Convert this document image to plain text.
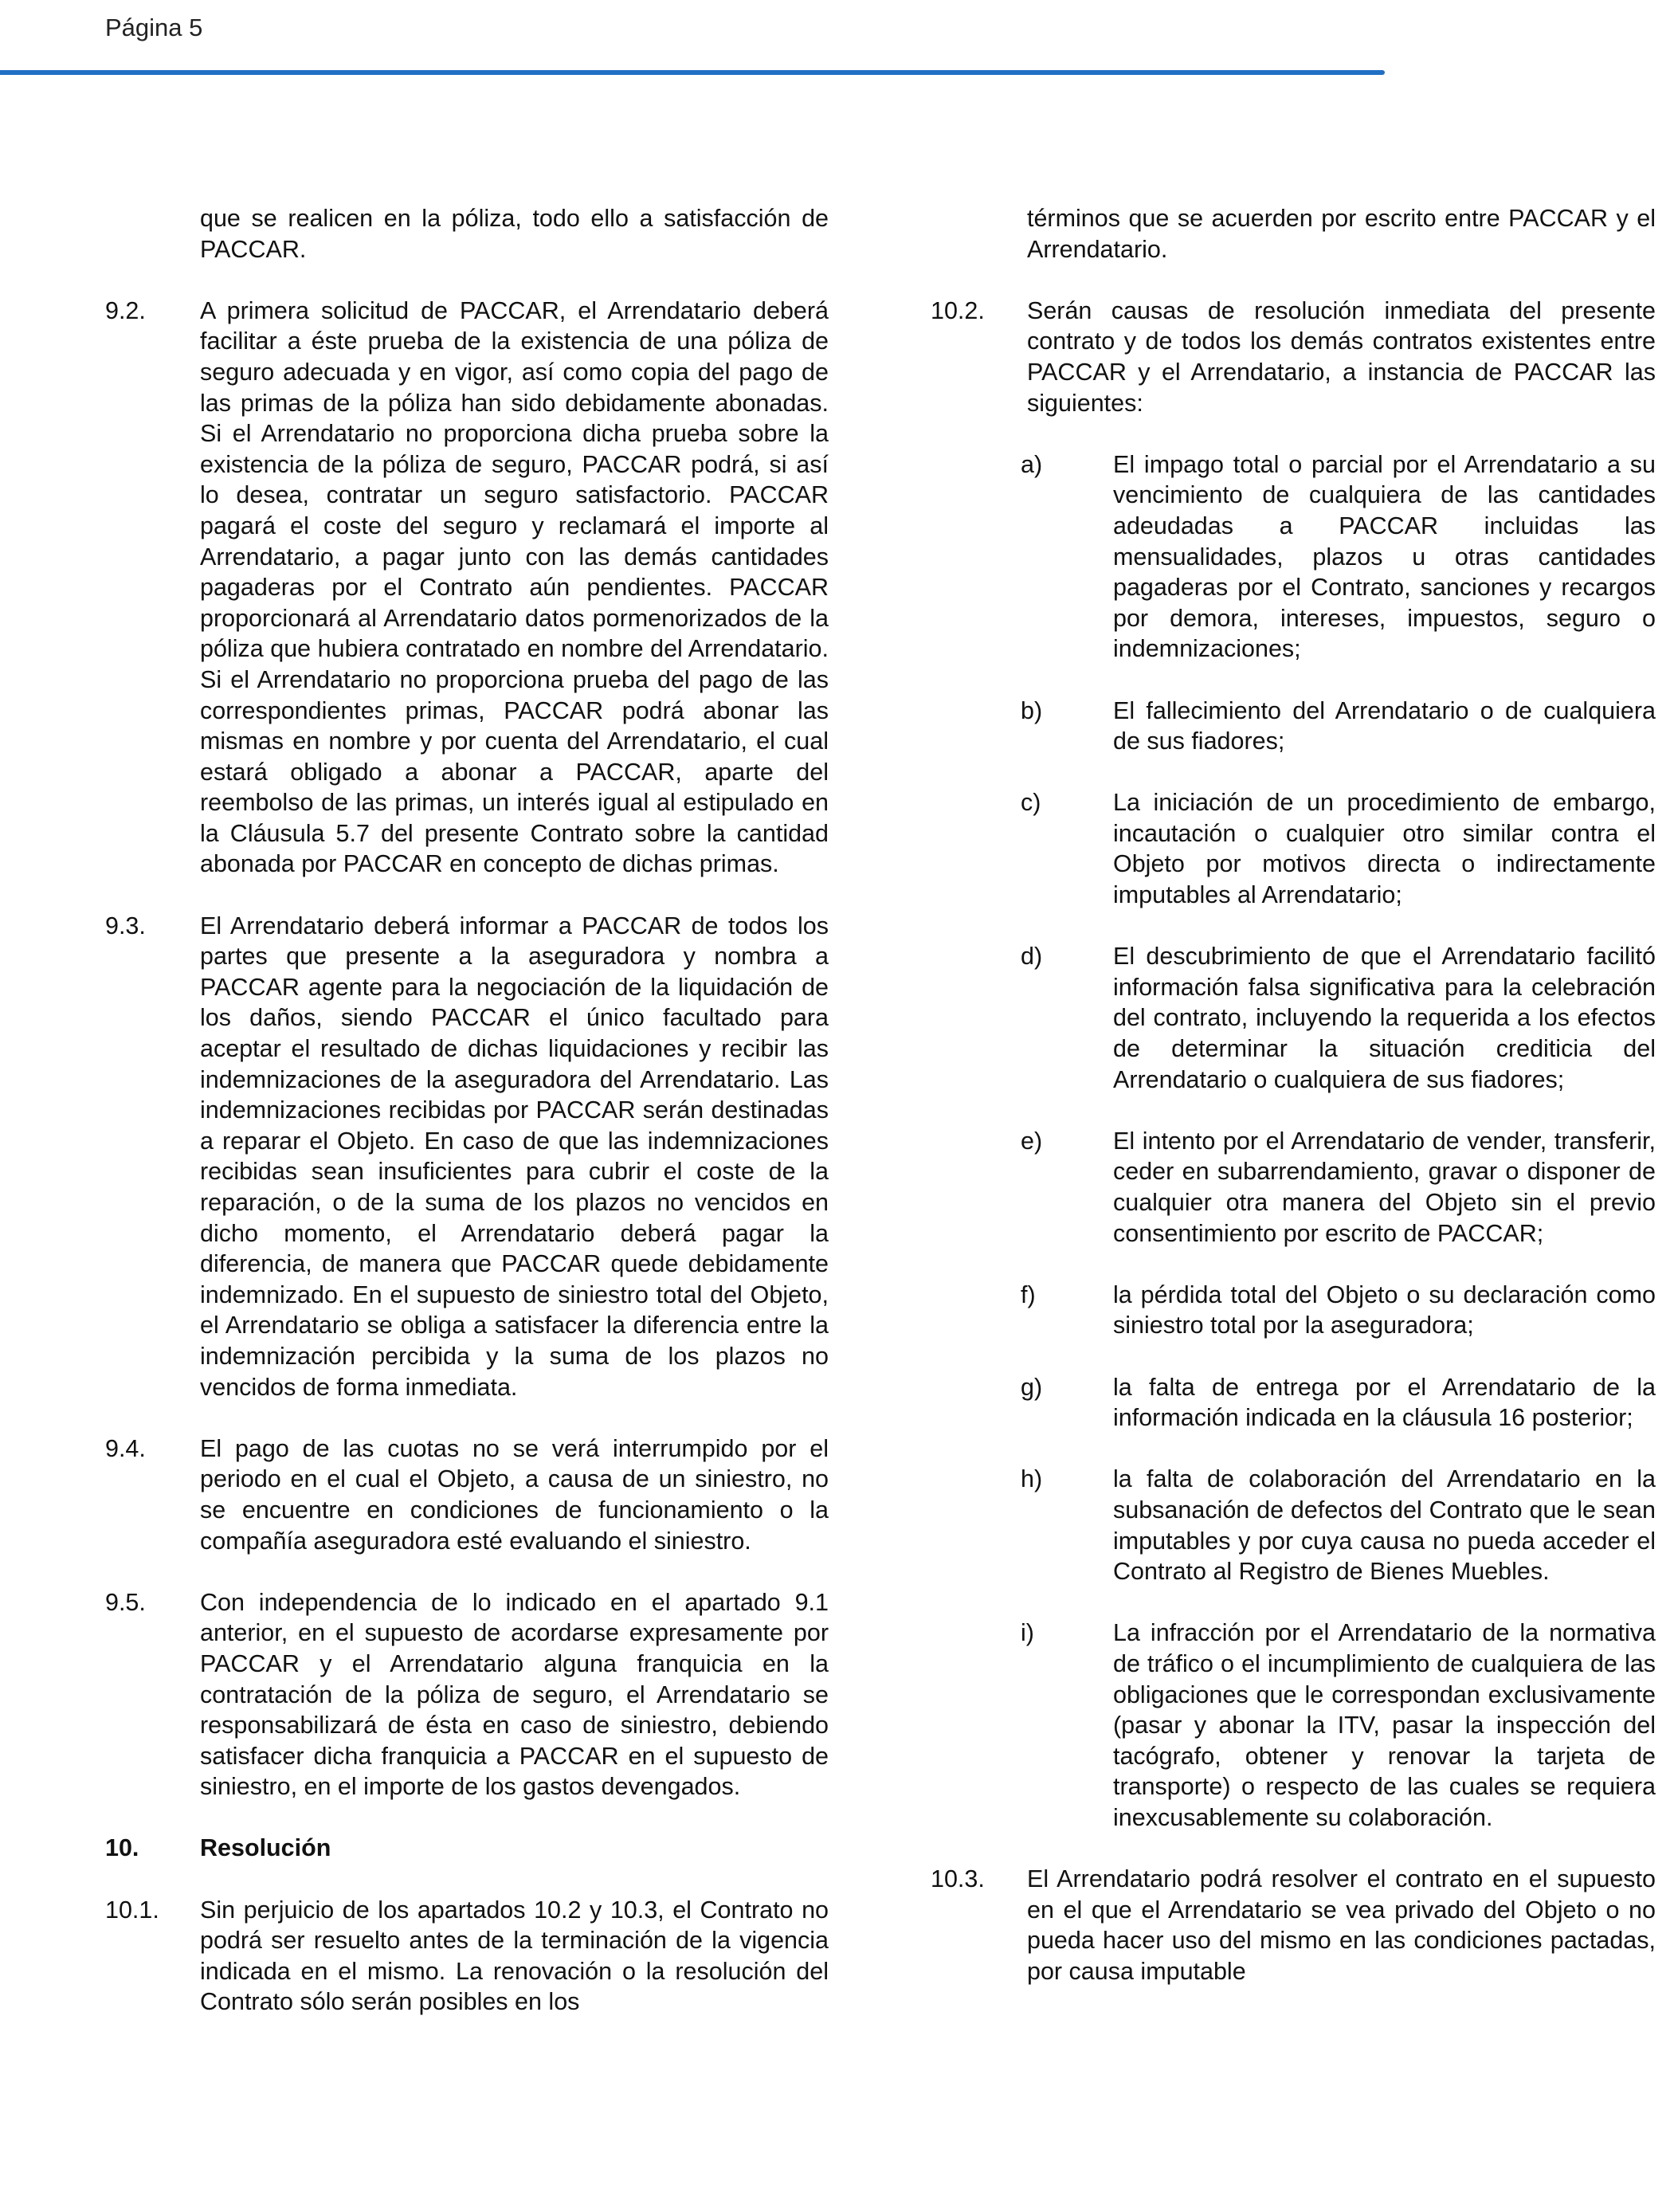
Página 5
que se realicen en la póliza, todo ello a satisfacción de PACCAR.
9.2.	A primera solicitud de PACCAR, el Arrendatario deberá facilitar a éste prueba de la existencia de una póliza de seguro adecuada y en vigor, así como copia del pago de las primas de la póliza han sido debidamente abonadas. Si el Arrendatario no proporciona dicha prueba sobre la existencia de la póliza de seguro, PACCAR podrá, si así lo desea, contratar un seguro satisfactorio. PACCAR pagará el coste del seguro y reclamará el importe al Arrendatario, a pagar junto con las demás cantidades pagaderas por el Contrato aún pendientes. PACCAR proporcionará al Arrendatario datos pormenorizados de la póliza que hubiera contratado en nombre del Arrendatario. Si el Arrendatario no proporciona prueba del pago de las correspondientes primas, PACCAR podrá abonar las mismas en nombre y por cuenta del Arrendatario, el cual estará obligado a abonar a PACCAR, aparte del reembolso de las primas, un interés igual al estipulado en la Cláusula 5.7 del presente Contrato sobre la cantidad abonada por PACCAR en concepto de dichas primas.
9.3.	El Arrendatario deberá informar a PACCAR de todos los partes que presente a la aseguradora y nombra a PACCAR agente para la negociación de la liquidación de los daños, siendo PACCAR el único facultado para aceptar el resultado de dichas liquidaciones y recibir las indemnizaciones de la aseguradora del Arrendatario. Las indemnizaciones recibidas por PACCAR serán destinadas a reparar el Objeto. En caso de que las indemnizaciones recibidas sean insuficientes para cubrir el coste de la reparación, o de la suma de los plazos no vencidos en dicho momento, el Arrendatario deberá pagar la diferencia, de manera que PACCAR quede debidamente indemnizado. En el supuesto de siniestro total del Objeto, el Arrendatario se obliga a satisfacer la diferencia entre la indemnización percibida y la suma de los plazos no vencidos de forma inmediata.
9.4.	El pago de las cuotas no se verá interrumpido por el periodo en el cual el Objeto, a causa de un siniestro, no se encuentre en condiciones de funcionamiento o la compañía aseguradora esté evaluando el siniestro.
9.5.	Con independencia de lo indicado en el apartado 9.1 anterior, en el supuesto de acordarse expresamente por PACCAR y el Arrendatario alguna franquicia en la contratación de la póliza de seguro, el Arrendatario se responsabilizará de ésta en caso de siniestro, debiendo satisfacer dicha franquicia a PACCAR en el supuesto de siniestro, en el importe de los gastos devengados.
10.	Resolución
10.1.	Sin perjuicio de los apartados 10.2 y 10.3, el Contrato no podrá ser resuelto antes de la terminación de la vigencia indicada en el mismo. La renovación o la resolución del Contrato sólo serán posibles en los
términos que se acuerden por escrito entre PACCAR y el Arrendatario.
10.2.	Serán causas de resolución inmediata del presente contrato y de todos los demás contratos existentes entre PACCAR y el Arrendatario, a instancia de PACCAR las siguientes:
a)	El impago total o parcial por el Arrendatario a su vencimiento de cualquiera de las cantidades adeudadas a PACCAR incluidas las mensualidades, plazos u otras cantidades pagaderas por el Contrato, sanciones y recargos por demora, intereses, impuestos, seguro o indemnizaciones;
b)	El fallecimiento del Arrendatario o de cualquiera de sus fiadores;
c)	La iniciación de un procedimiento de embargo, incautación o cualquier otro similar contra el Objeto por motivos directa o indirectamente imputables al Arrendatario;
d)	El descubrimiento de que el Arrendatario facilitó información falsa significativa para la celebración del contrato, incluyendo la requerida a los efectos de determinar la situación crediticia del Arrendatario o cualquiera de sus fiadores;
e)	El intento por el Arrendatario de vender, transferir, ceder en subarrendamiento, gravar o disponer de cualquier otra manera del Objeto sin el previo consentimiento por escrito de PACCAR;
f)	la pérdida total del Objeto o su declaración como siniestro total por la aseguradora;
g)	la falta de entrega por el Arrendatario de la información indicada en la cláusula 16 posterior;
h)	la falta de colaboración del Arrendatario en la subsanación de defectos del Contrato que le sean imputables y por cuya causa no pueda acceder el Contrato al Registro de Bienes Muebles.
i)	La infracción por el Arrendatario de la normativa de tráfico o el incumplimiento de cualquiera de las obligaciones que le correspondan exclusivamente (pasar y abonar la ITV, pasar la inspección del tacógrafo, obtener y renovar la tarjeta de transporte) o respecto de las cuales se requiera inexcusablemente su colaboración.
10.3.	El Arrendatario podrá resolver el contrato en el supuesto en el que el Arrendatario se vea privado del Objeto o no pueda hacer uso del mismo en las condiciones pactadas, por causa imputable
